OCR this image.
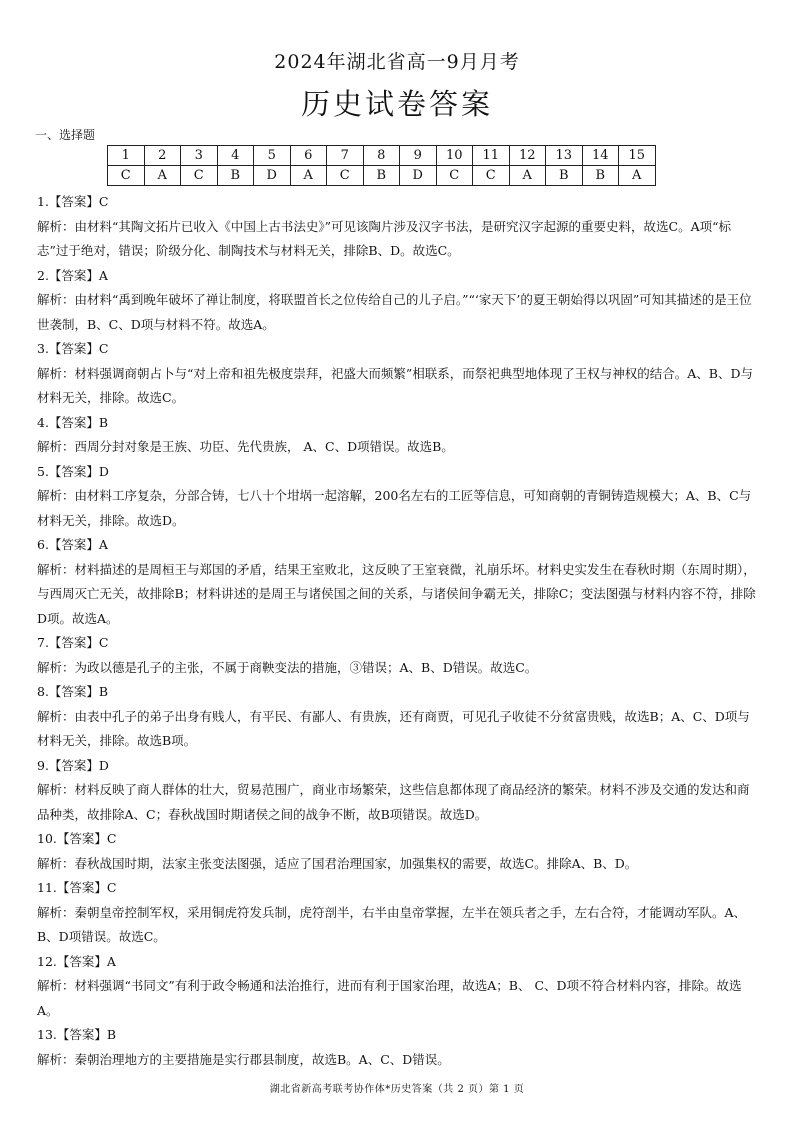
2024年湖北省高一9月月考
历史试卷答案
一、选择题
1	2	3	4	5	6	7	8	9	10	11	12	13	14	15
C	A	C	B	D	A	C	B	D	C	C	A	B	B	A

1.【答案】C

解析：由材料“其陶文拓片已收入《中国上古书法史》”可见该陶片涉及汉字书法，是研究汉字起源的重要史料，故选C。A项“标志”过于绝对，错误；阶级分化、制陶技术与材料无关，排除B、D。故选C。

2.【答案】A

解析：由材料“禹到晚年破坏了禅让制度，将联盟首长之位传给自己的儿子启。”“‘家天下’的夏王朝始得以巩固”可知其描述的是王位世袭制，B、C、D项与材料不符。故选A。

3.【答案】C

解析：材料强调商朝占卜与“对上帝和祖先极度崇拜，祀盛大而频繁”相联系，而祭祀典型地体现了王权与神权的结合。A、B、D与材料无关，排除。故选C。

4.【答案】B

解析：西周分封对象是王族、功臣、先代贵族， A、C、D项错误。故选B。

5.【答案】D

解析：由材料工序复杂，分部合铸，七八十个坩埚一起溶解，200名左右的工匠等信息，可知商朝的青铜铸造规模大；A、B、C与材料无关，排除。故选D。

6.【答案】A

解析：材料描述的是周桓王与郑国的矛盾，结果王室败北，这反映了王室衰微，礼崩乐坏。材料史实发生在春秋时期（东周时期），与西周灭亡无关，故排除B；材料讲述的是周王与诸侯国之间的关系，与诸侯间争霸无关，排除C；变法图强与材料内容不符，排除D项。故选A。

7.【答案】C

解析：为政以德是孔子的主张，不属于商鞅变法的措施，③错误；A、B、D错误。故选C。

8.【答案】B

解析：由表中孔子的弟子出身有贱人，有平民、有鄙人、有贵族，还有商贾，可见孔子收徒不分贫富贵贱，故选B；A、C、D项与材料无关，排除。故选B项。

9.【答案】D

解析：材料反映了商人群体的壮大，贸易范围广，商业市场繁荣，这些信息都体现了商品经济的繁荣。材料不涉及交通的发达和商品种类，故排除A、C；春秋战国时期诸侯之间的战争不断，故B项错误。故选D。

10.【答案】C

解析：春秋战国时期，法家主张变法图强，适应了国君治理国家，加强集权的需要，故选C。排除A、B、D。

11.【答案】C

解析：秦朝皇帝控制军权，采用铜虎符发兵制，虎符剖半，右半由皇帝掌握，左半在领兵者之手，左右合符，才能调动军队。A、B、D项错误。故选C。

12.【答案】A

解析：材料强调“书同文”有利于政令畅通和法治推行，进而有利于国家治理，故选A；B、 C、D项不符合材料内容，排除。故选A。

13.【答案】B

解析：秦朝治理地方的主要措施是实行郡县制度，故选B。A、C、D错误。

湖北省新高考联考协作体*历史答案（共 2 页）第 1 页
